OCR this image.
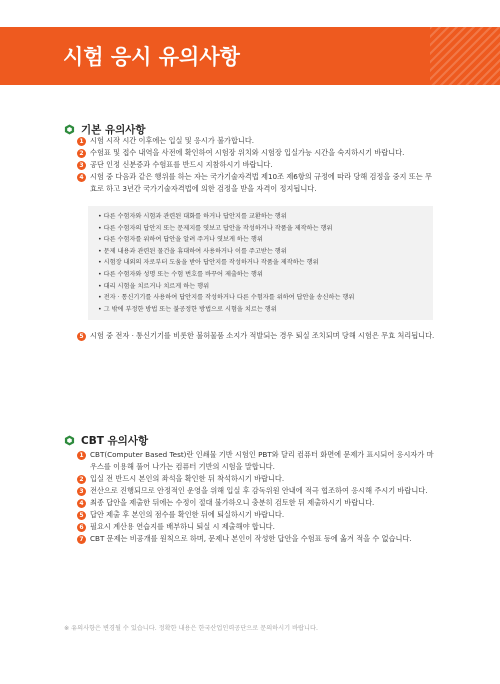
시험 응시 유의사항
기본 유의사항
1 시험 시작 시간 이후에는 입실 및 응시가 불가합니다.
2 수험표 및 접수 내역을 사전에 확인하여 시험장 위치와 시험장 입실가능 시간을 숙지하시기 바랍니다.
3 공단 인정 신분증과 수험표를 반드시 지참하시기 바랍니다.
4 시험 중 다음과 같은 행위를 하는 자는 국가기술자격법 제10조 제6항의 규정에 따라 당해 검정을 중지 또는 무효로 하고 3년간 국가기술자격법에 의한 검정을 받을 자격이 정지됩니다.
• 다른 수험자와 시험과 관련된 대화를 하거나 답안지를 교환하는 행위
• 다른 수험자의 답안지 또는 문제지를 엿보고 답안을 작성하거나 작품을 제작하는 행위
• 다른 수험자를 위하여 답안을 알려 주거나 엿보게 하는 행위
• 문제 내용과 관련된 물건을 휴대하여 사용하거나 이를 주고받는 행위
• 시험장 내외의 자로부터 도움을 받아 답안지를 작성하거나 작품을 제작하는 행위
• 다른 수험자와 성명 또는 수험 번호를 바꾸어 제출하는 행위
• 대리 시험을 치르거나 치르게 하는 행위
• 전자 · 통신기기를 사용하여 답안지를 작성하거나 다른 수험자를 위하여 답안을 송신하는 행위
• 그 밖에 부정한 방법 또는 불공정한 방법으로 시험을 치르는 행위
5 시험 중 전자 · 통신기기를 비롯한 불허물품 소지가 적발되는 경우 퇴실 조치되며 당해 시험은 무효 처리됩니다.
CBT 유의사항
1 CBT(Computer Based Test)란 인쇄물 기반 시험인 PBT와 달리 컴퓨터 화면에 문제가 표시되어 응시자가 마우스를 이용해 풀어 나가는 컴퓨터 기반의 시험을 말합니다.
2 입실 전 반드시 본인의 좌석을 확인한 뒤 착석하시기 바랍니다.
3 전산으로 진행되므로 안정적인 운영을 위해 입실 후 감독위원 안내에 적극 협조하여 응시해 주시기 바랍니다.
4 최종 답안을 제출한 뒤에는 수정이 절대 불가하오니 충분히 검토한 뒤 제출하시기 바랍니다.
5 답안 제출 후 본인의 점수를 확인한 뒤에 퇴실하시기 바랍니다.
6 필요시 계산용 연습지를 배부하니 퇴실 시 제출해야 합니다.
7 CBT 문제는 비공개를 원칙으로 하며, 문제나 본인이 작성한 답안을 수험표 등에 옮겨 적을 수 없습니다.

※ 유의사항은 변경될 수 있습니다. 정확한 내용은 한국산업인력공단으로 문의하시기 바랍니다.
